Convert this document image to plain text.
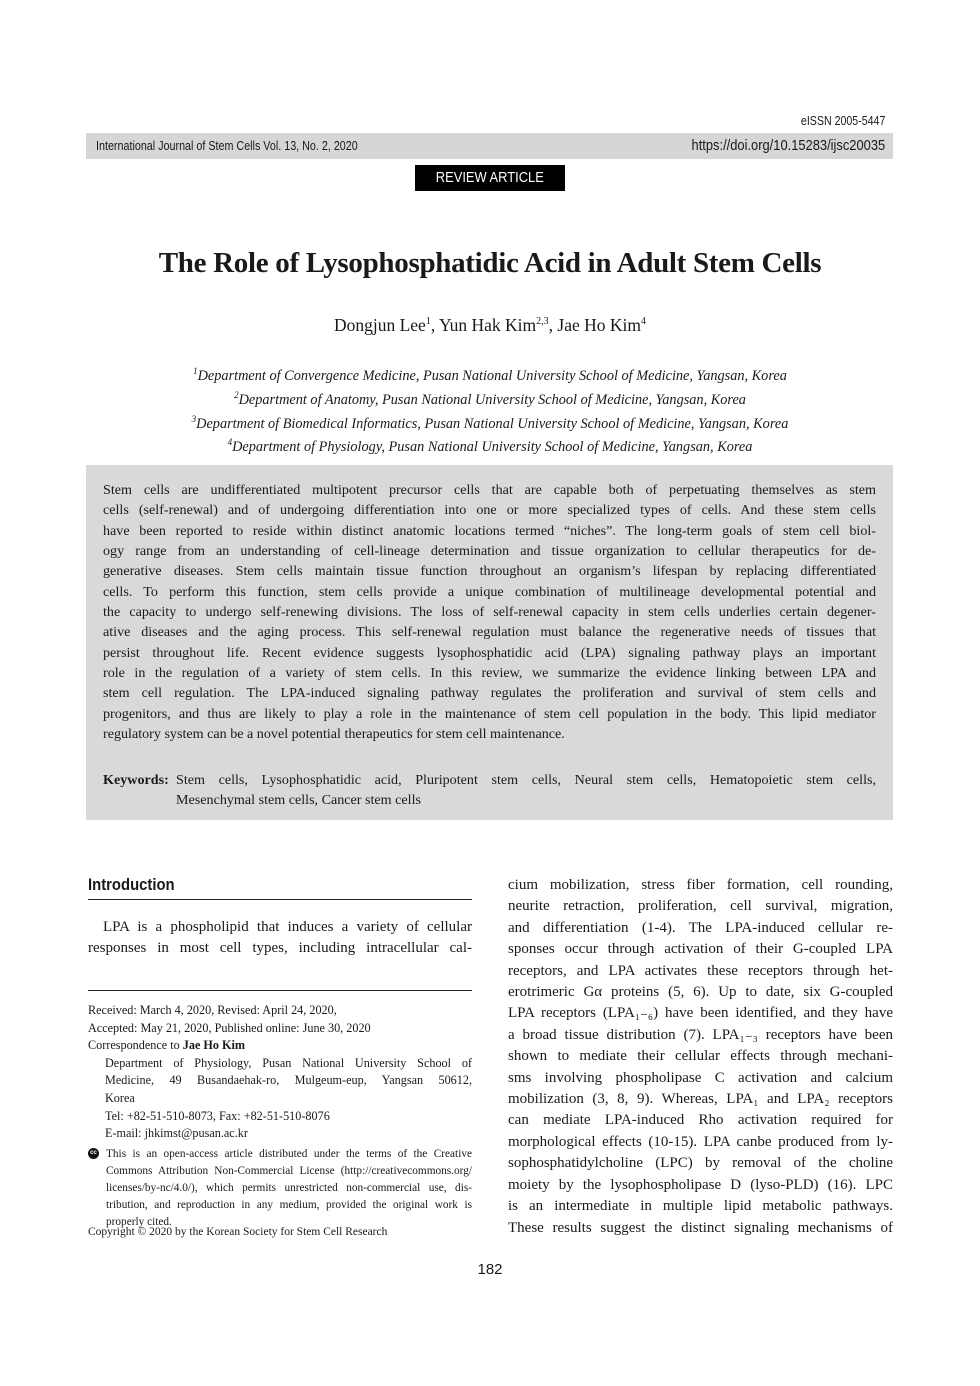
eISSN 2005-5447
International Journal of Stem Cells Vol. 13, No. 2, 2020	https://doi.org/10.15283/ijsc20035
REVIEW ARTICLE
The Role of Lysophosphatidic Acid in Adult Stem Cells
Dongjun Lee$^1$, Yun Hak Kim$^{2,3}$, Jae Ho Kim$^4$
$^1$Department of Convergence Medicine, Pusan National University School of Medicine, Yangsan, Korea
$^2$Department of Anatomy, Pusan National University School of Medicine, Yangsan, Korea
$^3$Department of Biomedical Informatics, Pusan National University School of Medicine, Yangsan, Korea
$^4$Department of Physiology, Pusan National University School of Medicine, Yangsan, Korea
Stem cells are undifferentiated multipotent precursor cells that are capable both of perpetuating themselves as stem
cells (self-renewal) and of undergoing differentiation into one or more specialized types of cells. And these stem cells
have been reported to reside within distinct anatomic locations termed “niches”. The long-term goals of stem cell biol-
ogy range from an understanding of cell-lineage determination and tissue organization to cellular therapeutics for de-
generative diseases. Stem cells maintain tissue function throughout an organism’s lifespan by replacing differentiated
cells. To perform this function, stem cells provide a unique combination of multilineage developmental potential and
the capacity to undergo self-renewing divisions. The loss of self-renewal capacity in stem cells underlies certain degener-
ative diseases and the aging process. This self-renewal regulation must balance the regenerative needs of tissues that
persist throughout life. Recent evidence suggests lysophosphatidic acid (LPA) signaling pathway plays an important
role in the regulation of a variety of stem cells. In this review, we summarize the evidence linking between LPA and
stem cell regulation. The LPA-induced signaling pathway regulates the proliferation and survival of stem cells and
progenitors, and thus are likely to play a role in the maintenance of stem cell population in the body. This lipid mediator
regulatory system can be a novel potential therapeutics for stem cell maintenance.
Keywords: Stem cells, Lysophosphatidic acid, Pluripotent stem cells, Neural stem cells, Hematopoietic stem cells,
Mesenchymal stem cells, Cancer stem cells
Introduction
LPA is a phospholipid that induces a variety of cellular
responses in most cell types, including intracellular cal-
Received: March 4, 2020, Revised: April 24, 2020,
Accepted: May 21, 2020, Published online: June 30, 2020
Correspondence to Jae Ho Kim
Department of Physiology, Pusan National University School of
Medicine, 49 Busandaehak-ro, Mulgeum-eup, Yangsan 50612,
Korea
Tel: +82-51-510-8073, Fax: +82-51-510-8076
E-mail: jhkimst@pusan.ac.kr
cc This is an open-access article distributed under the terms of the Creative
Commons Attribution Non-Commercial License (http://creativecommons.org/
licenses/by-nc/4.0/), which permits unrestricted non-commercial use, dis-
tribution, and reproduction in any medium, provided the original work is
properly cited.
Copyright © 2020 by the Korean Society for Stem Cell Research
cium mobilization, stress fiber formation, cell rounding,
neurite retraction, proliferation, cell survival, migration,
and differentiation (1-4). The LPA-induced cellular re-
sponses occur through activation of their G-coupled LPA
receptors, and LPA activates these receptors through het-
erotrimeric Gα proteins (5, 6). Up to date, six G-coupled
LPA receptors (LPA₁₋₆) have been identified, and they have
a broad tissue distribution (7). LPA₁₋₃ receptors have been
shown to mediate their cellular effects through mechani-
sms involving phospholipase C activation and calcium
mobilization (3, 8, 9). Whereas, LPA₁ and LPA₂ receptors
can mediate LPA-induced Rho activation required for
morphological effects (10-15). LPA canbe produced from ly-
sophosphatidylcholine (LPC) by removal of the choline
moiety by the lysophospholipase D (lyso-PLD) (16). LPC
is an intermediate in multiple lipid metabolic pathways.
These results suggest the distinct signaling mechanisms of
182
